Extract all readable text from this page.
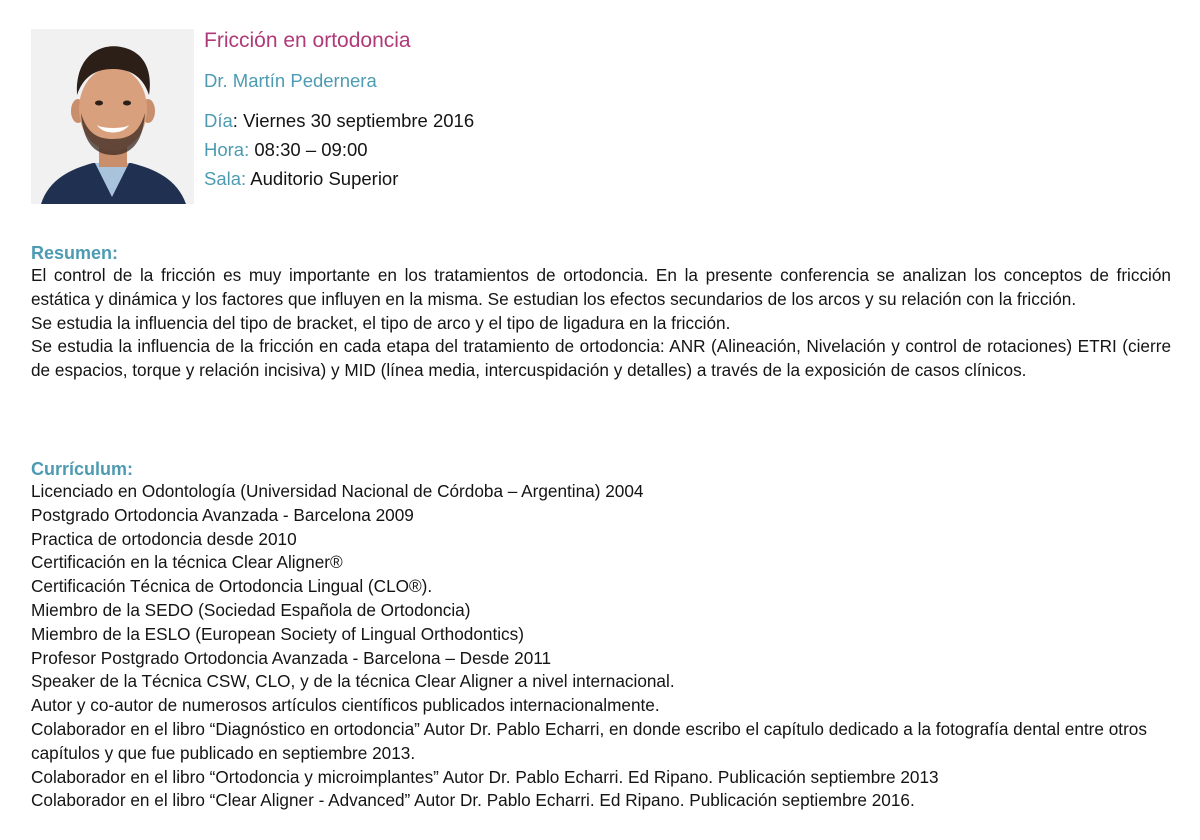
Fricción en ortodoncia
Dr. Martín Pedernera
Día: Viernes 30 septiembre 2016
Hora: 08:30 – 09:00
Sala: Auditorio Superior
Resumen:

El control de la fricción es muy importante en los tratamientos de ortodoncia. En la presente conferencia se analizan los conceptos de fricción estática y dinámica y los factores que influyen en la misma. Se estudian los efectos secundarios de los arcos y su relación con la fricción.

Se estudia la influencia del tipo de bracket, el tipo de arco y el tipo de ligadura en la fricción.

Se estudia la influencia de la fricción en cada etapa del tratamiento de ortodoncia: ANR (Alineación, Nivelación y control de rotaciones) ETRI (cierre de espacios, torque y relación incisiva) y MID (línea media, intercuspidación y detalles) a través de la exposición de casos clínicos.

Currículum:
Licenciado en Odontología (Universidad Nacional de Córdoba – Argentina) 2004
Postgrado Ortodoncia Avanzada - Barcelona 2009
Practica de ortodoncia desde 2010
Certificación en la técnica Clear Aligner®
Certificación Técnica de Ortodoncia Lingual (CLO®).
Miembro de la SEDO (Sociedad Española de Ortodoncia)
Miembro de la ESLO (European Society of Lingual Orthodontics)
Profesor Postgrado Ortodoncia Avanzada - Barcelona – Desde 2011
Speaker de la Técnica CSW, CLO, y de la técnica Clear Aligner a nivel internacional.
Autor y co-autor de numerosos artículos científicos publicados internacionalmente.
Colaborador en el libro “Diagnóstico en ortodoncia” Autor Dr. Pablo Echarri, en donde escribo el capítulo dedicado a la fotografía dental entre otros capítulos y que fue publicado en septiembre 2013.
Colaborador en el libro “Ortodoncia y microimplantes” Autor Dr. Pablo Echarri. Ed Ripano. Publicación septiembre 2013
Colaborador en el libro “Clear Aligner - Advanced” Autor Dr. Pablo Echarri. Ed Ripano. Publicación septiembre 2016.
